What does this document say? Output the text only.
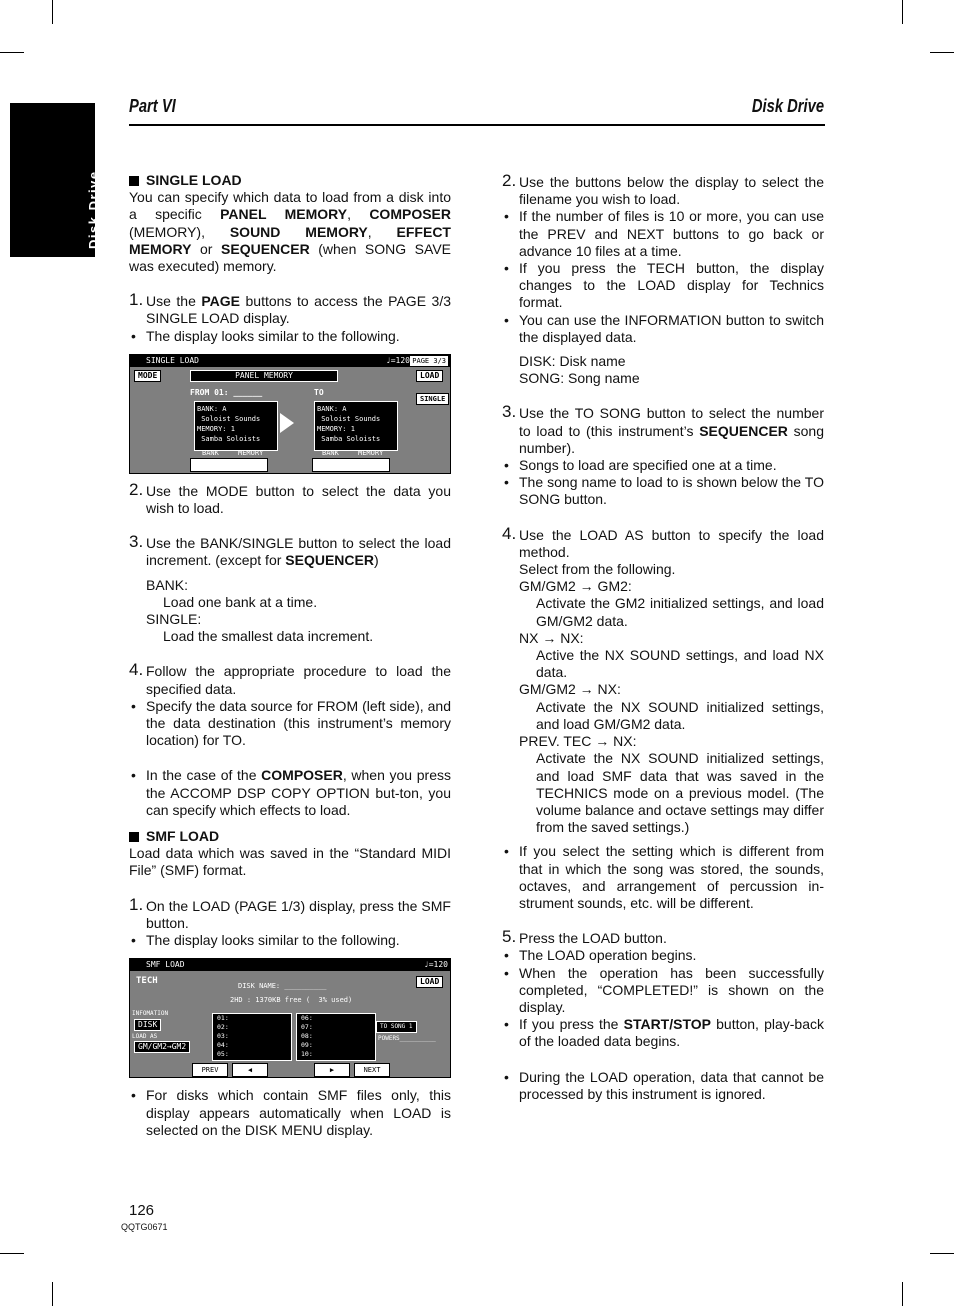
Disk Drive
Part VI	Disk Drive

SINGLE LOAD

You can specify which data to load from a disk into a specific PANEL MEMORY, COMPOSER (MEMORY), SOUND MEMORY, EFFECT MEMORY or SEQUENCER (when SONG SAVE was executed) memory.

1. Use the PAGE buttons to access the PAGE 3/3 SINGLE LOAD display.

• The display looks similar to the following.

SINGLE LOAD	♩=120 PAGE 3/3
MODE	PANEL MEMORY	LOAD
SINGLE
FROM 01: ______	TO
BANK: A
Soloist Sounds
MEMORY: 1
Samba Soloists
BANK: A
Soloist Sounds
MEMORY: 1
Samba Soloists
BANK	MEMORY	BANK	MEMORY

2. Use the MODE button to select the data you wish to load.

3. Use the BANK/SINGLE button to select the load increment. (except for SEQUENCER)

BANK:

Load one bank at a time.

SINGLE:

Load the smallest data increment.

4. Follow the appropriate procedure to load the specified data.

• Specify the data source for FROM (left side), and the data destination (this instrument’s memory location) for TO.

• In the case of the COMPOSER, when you press the ACCOMP DSP COPY OPTION but-ton, you can specify which effects to load.

SMF LOAD

Load data which was saved in the “Standard MIDI File” (SMF) format.

1. On the LOAD (PAGE 1/3) display, press the SMF button.

• The display looks similar to the following.

SMF LOAD	♩=120
TECH	DISK NAME: __________
2HD : 1370KB free (  3% used)
LOAD
INFOMATION
DISK
LOAD AS
GM/GM2→GM2
01:
02:
03:
04:
05:
06:
07:
08:
09:
10:
TO SONG 1
POWERS__________
PREV	◀	▶	NEXT

• For disks which contain SMF files only, this display appears automatically when LOAD is selected on the DISK MENU display.

2. Use the buttons below the display to select the filename you wish to load.

• If the number of files is 10 or more, you can use the PREV and NEXT buttons to go back or advance 10 files at a time.

• If you press the TECH button, the display changes to the LOAD display for Technics format.

• You can use the INFORMATION button to switch the displayed data.

DISK: Disk name

SONG: Song name

3. Use the TO SONG button to select the number to load to (this instrument’s SEQUENCER song number).

• Songs to load are specified one at a time.

• The song name to load to is shown below the TO SONG button.

4. Use the LOAD AS button to specify the load method.

Select from the following.

GM/GM2 → GM2:

Activate the GM2 initialized settings, and load GM/GM2 data.

NX → NX:

Active the NX SOUND settings, and load NX data.

GM/GM2 → NX:

Activate the NX SOUND initialized settings, and load GM/GM2 data.

PREV. TEC → NX:

Activate the NX SOUND initialized settings, and load SMF data that was saved in the TECHNICS mode on a previous model. (The volume balance and octave settings may differ from the saved settings.)

• If you select the setting which is different from that in which the song was stored, the sounds, octaves, and arrangement of percussion in-strument sounds, etc. will be different.

5. Press the LOAD button.

• The LOAD operation begins.

• When the operation has been successfully completed, “COMPLETED!” is shown on the display.

• If you press the START/STOP button, play-back of the loaded data begins.

• During the LOAD operation, data that cannot be processed by this instrument is ignored.

126
QQTG0671
